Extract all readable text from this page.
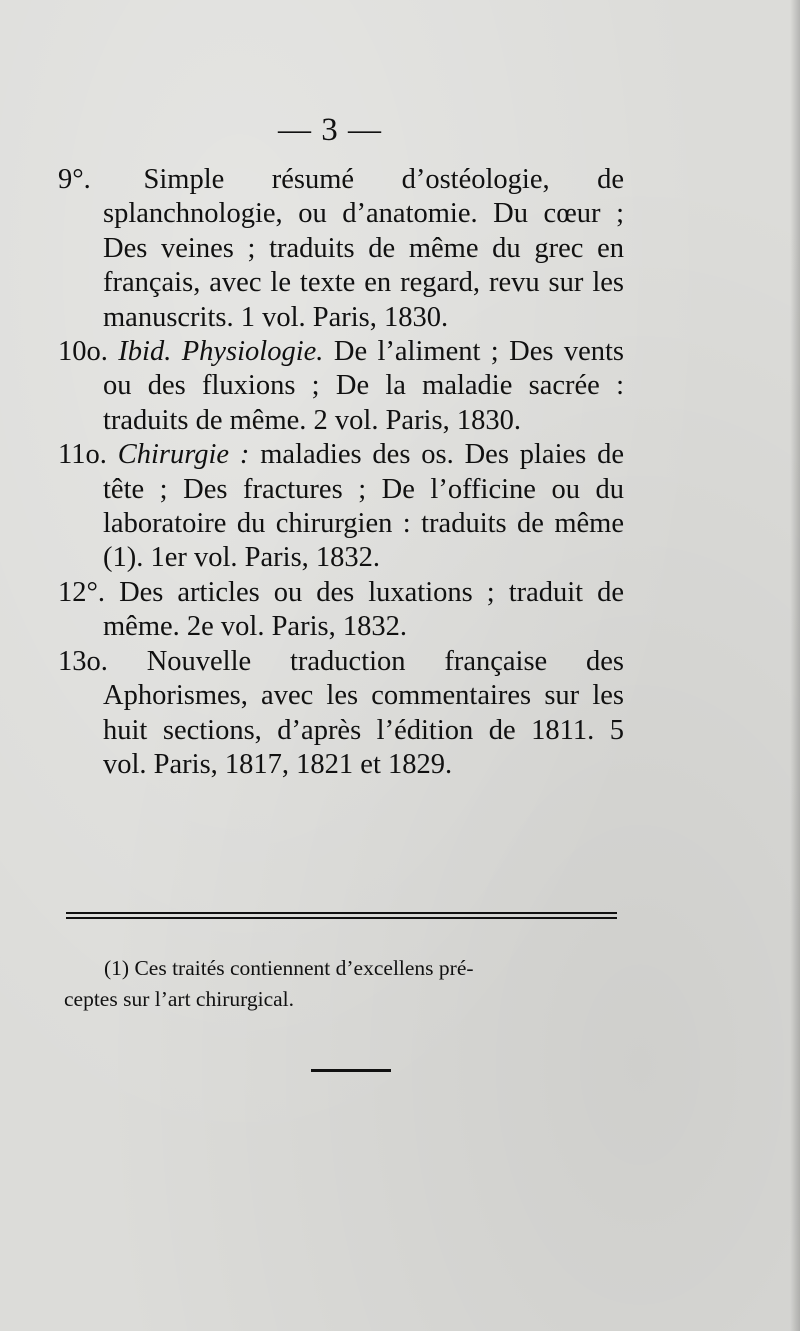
— 3 —

9°. Simple résumé d’ostéologie, de splanchnologie, ou d’anatomie. Du cœur ; Des veines ; traduits de même du grec en français, avec le texte en regard, revu sur les manuscrits. 1 vol. Paris, 1830.

10o. Ibid. Physiologie. De l’aliment ; Des vents ou des fluxions ; De la maladie sacrée : traduits de même. 2 vol. Paris, 1830.

11o. Chirurgie : maladies des os. Des plaies de tête ; Des fractures ; De l’officine ou du laboratoire du chirurgien : traduits de même (1). 1er vol. Paris, 1832.

12°. Des articles ou des luxations ; traduit de même. 2e vol. Paris, 1832.

13o. Nouvelle traduction française des Aphorismes, avec les commentaires sur les huit sections, d’après l’édition de 1811. 5 vol. Paris, 1817, 1821 et 1829.

(1) Ces traités contiennent d’excellens pré-

ceptes sur l’art chirurgical.
